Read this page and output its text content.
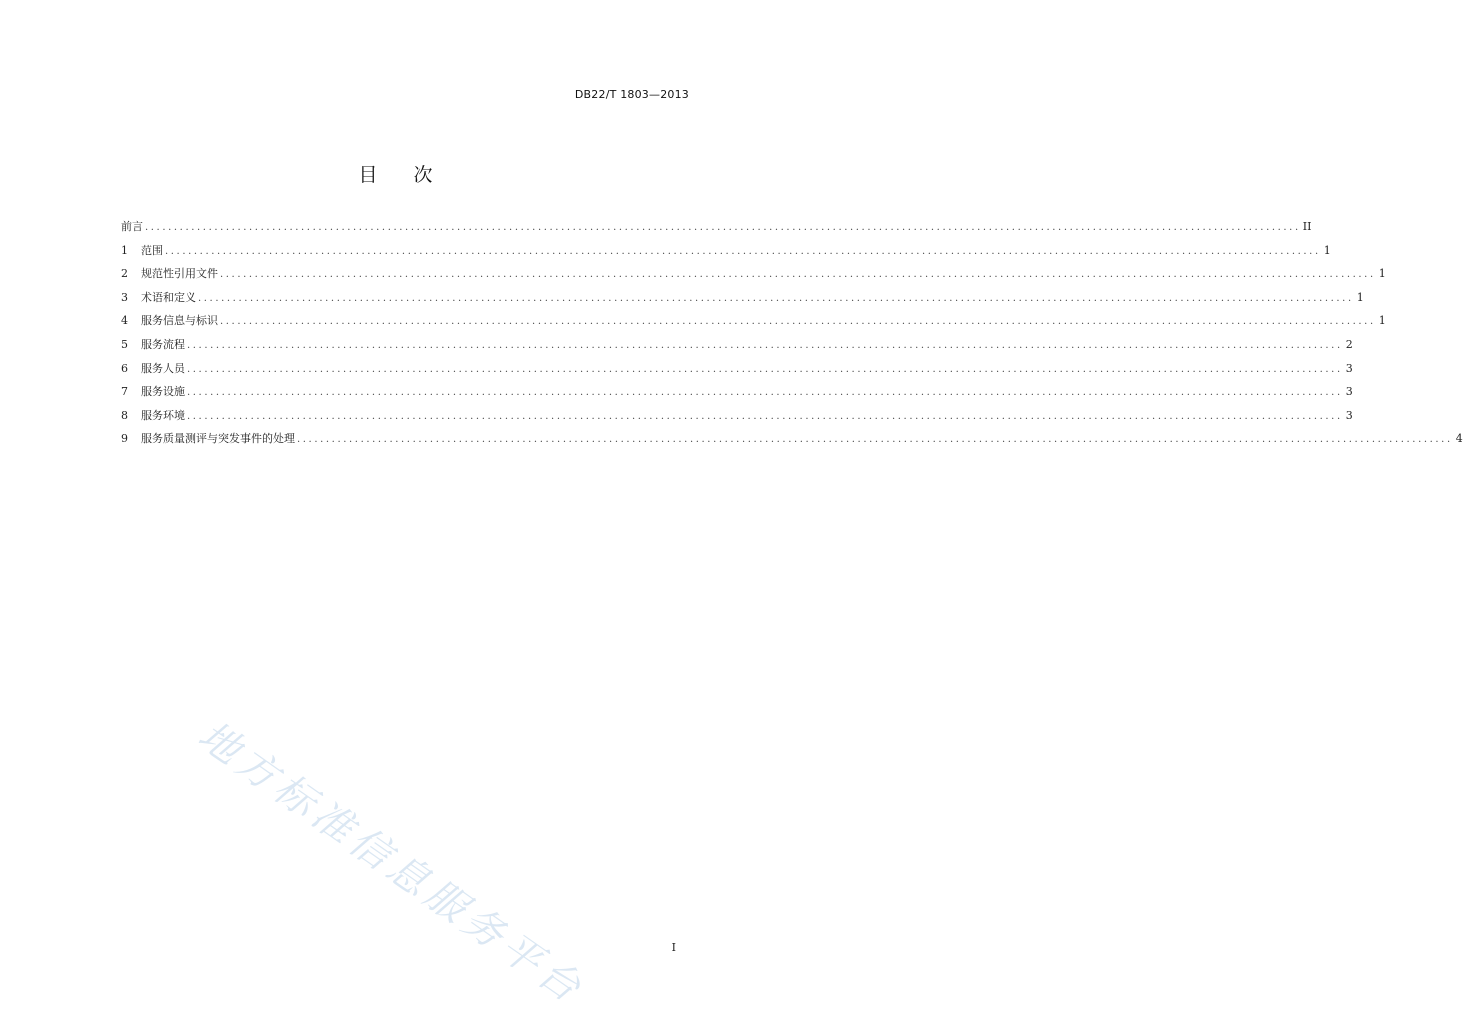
DB22/T 1803—2013
目 次
前言 ........................................................................................................................................................................................................ II
1	范围 ........................................................................................................................................................................................................ 1
2	规范性引用文件 ........................................................................................................................................................................................................ 1
3	术语和定义 ........................................................................................................................................................................................................ 1
4	服务信息与标识 ........................................................................................................................................................................................................ 1
5	服务流程 ........................................................................................................................................................................................................ 2
6	服务人员 ........................................................................................................................................................................................................ 3
7	服务设施 ........................................................................................................................................................................................................ 3
8	服务环境 ........................................................................................................................................................................................................ 3
9	服务质量测评与突发事件的处理 ........................................................................................................................................................................................................ 4
地方标准信息服务平台	I
